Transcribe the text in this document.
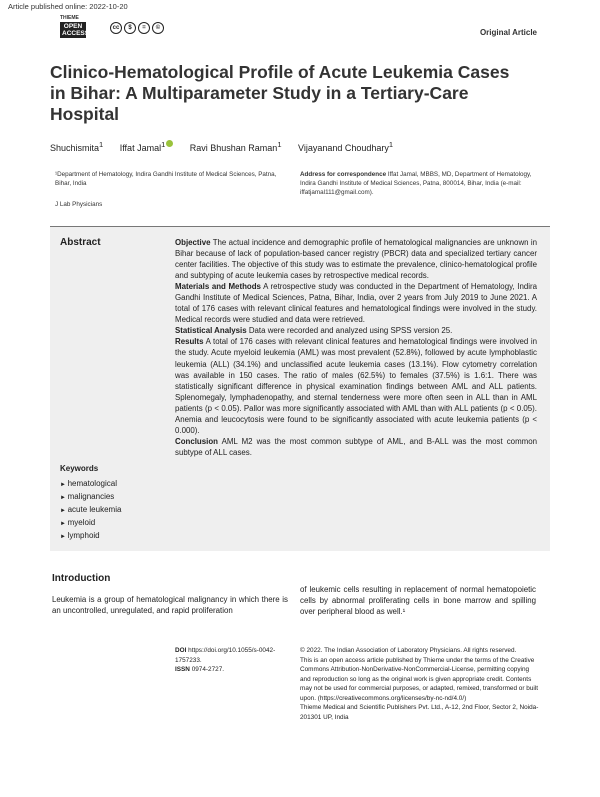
Article published online: 2022-10-20
THIEME
OPEN
ACCESS
cc	$	=	©	Original Article
Clinico-Hematological Profile of Acute Leukemia Cases in Bihar: A Multiparameter Study in a Tertiary-Care Hospital
Shuchismita$^1$ Iffat Jamal$^1$	Ravi Bhushan Raman$^1$ Vijayanand Choudhary$^1$
¹Department of Hematology, Indira Gandhi Institute of Medical Sciences, Patna, Bihar, India
J Lab Physicians
Address for correspondence Iffat Jamal, MBBS, MD, Department of Hematology, Indira Gandhi Institute of Medical Sciences, Patna, 800014, Bihar, India (e-mail: iffatjamal111@gmail.com).
Abstract	Objective The actual incidence and demographic profile of hematological malignancies are unknown in Bihar because of lack of population-based cancer registry (PBCR) data and specialized tertiary cancer center facilities. The objective of this study was to estimate the prevalence, clinico-hematological profile and subtyping of acute leukemia cases by retrospective medical records.

Materials and Methods A retrospective study was conducted in the Department of Hematology, Indira Gandhi Institute of Medical Sciences, Patna, Bihar, India, over 2 years from July 2019 to June 2021. A total of 176 cases with relevant clinical features and hematological findings were involved in the study. Medical records were studied and data were retrieved.

Statistical Analysis Data were recorded and analyzed using SPSS version 25.

Results A total of 176 cases with relevant clinical features and hematological findings were involved in the study. Acute myeloid leukemia (AML) was most prevalent (52.8%), followed by acute lymphoblastic leukemia (ALL) (34.1%) and unclassified acute leukemia cases (13.1%). Flow cytometry correlation was available in 150 cases. The ratio of males (62.5%) to females (37.5%) is 1.6:1. There was statistically significant difference in physical examination findings between AML and ALL patients. Splenomegaly, lymphadenopathy, and sternal tenderness were more often seen in ALL than in AML patients (p < 0.05). Pallor was more significantly associated with AML than with ALL patients (p < 0.05). Anemia and leucocytosis were found to be significantly associated with acute leukemia patients (p < 0.000).

Conclusion AML M2 was the most common subtype of AML, and B-ALL was the most common subtype of ALL cases.

Keywords
► hematological
► malignancies
► acute leukemia
► myeloid
► lymphoid
Introduction
Leukemia is a group of hematological malignancy in which there is an uncontrolled, unregulated, and rapid proliferation
of leukemic cells resulting in replacement of normal hematopoietic cells by abnormal proliferating cells in bone marrow and spilling over peripheral blood as well.¹
DOI https://doi.org/10.1055/s-0042-1757233.
ISSN 0974-2727.
© 2022. The Indian Association of Laboratory Physicians. All rights reserved.
This is an open access article published by Thieme under the terms of the Creative Commons Attribution-NonDerivative-NonCommercial-License, permitting copying and reproduction so long as the original work is given appropriate credit. Contents may not be used for commercial purposes, or adapted, remixed, transformed or built upon. (https://creativecommons.org/licenses/by-nc-nd/4.0/)
Thieme Medical and Scientific Publishers Pvt. Ltd., A-12, 2nd Floor, Sector 2, Noida-201301 UP, India
